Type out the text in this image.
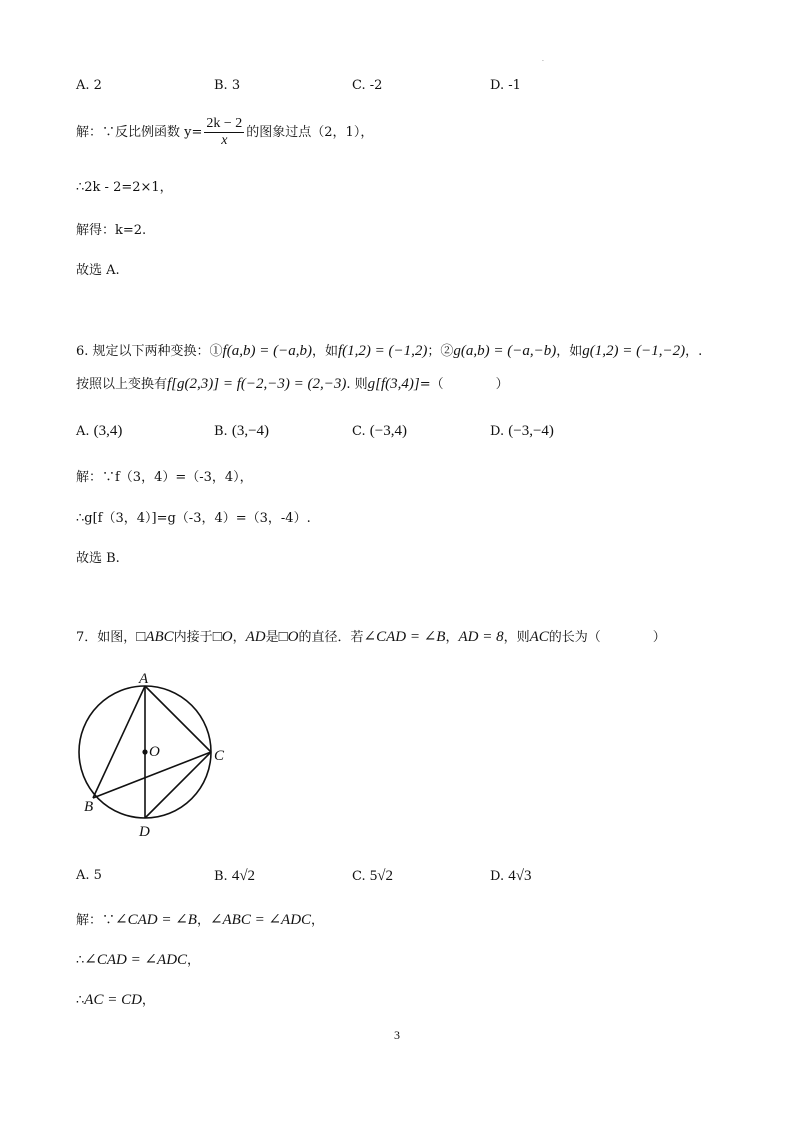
A. 2	B. 3	C. -2	D. -1
·
解：∵反比例函数 $y= \frac{2k - 2}{x}$ 的图象过点（2，1），
∴2k - 2=2×1，
解得：k=2.
故选 A.
6. 规定以下两种变换：①f(a,b) = (−a,b)，如f(1,2) = (−1,2)；②g(a,b) = (−a,−b)，如g(1,2) = (−1,−2)，.
按照以上变换有f[g(2,3)] = f(−2,−3) = (2,−3). 则g[f(3,4)]=（　　　　）
A. (3,4)	B. (3,−4)	C. (−3,4)	D. (−3,−4)
解：∵f（3，4）=（-3，4），
∴g[f（3，4）]=g（-3，4）=（3，-4）.
故选 B.
7．如图，□ABC内接于□O，AD是□O的直径．若∠CAD = ∠B，AD = 8，则AC的长为（　　　　）
A
O	C
B
D
A. 5	B. 4√2	C. 5√2	D. 4√3
解：∵∠CAD = ∠B，∠ABC = ∠ADC，
∴∠CAD = ∠ADC，
∴AC = CD，
3
